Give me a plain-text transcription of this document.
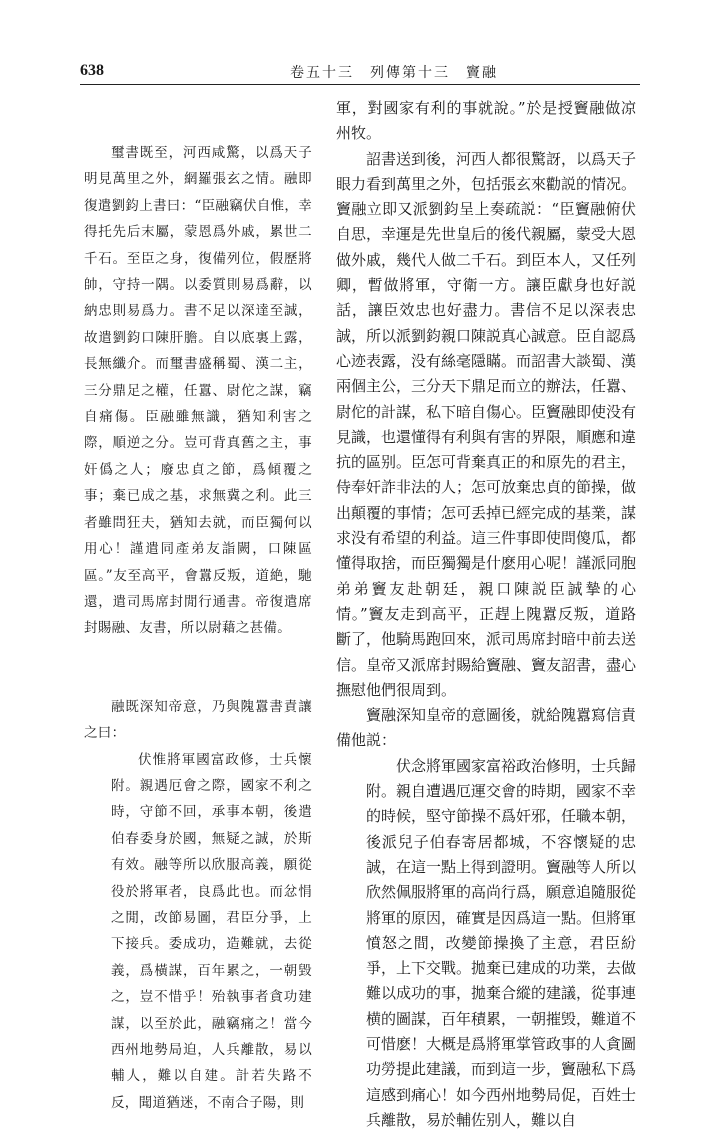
638	卷五十三　列傳第十三　竇融

璽書既至，河西咸驚，以爲天子明見萬里之外，網羅張玄之情。融即復遣劉鈞上書曰：“臣融竊伏自惟，幸得托先后末屬，蒙恩爲外戚，累世二千石。至臣之身，復備列位，假歷將帥，守持一隅。以委質則易爲辭，以納忠則易爲力。書不足以深達至誠，故遣劉鈞口陳肝膽。自以底裏上露，長無纖介。而璽書盛稱蜀、漢二主，三分鼎足之權，任囂、尉佗之謀，竊自痛傷。臣融雖無識，猶知利害之際，順逆之分。豈可背真舊之主，事奸僞之人；廢忠貞之節，爲傾覆之事；棄已成之基，求無冀之利。此三者雖問狂夫，猶知去就，而臣獨何以用心！謹遣同產弟友詣闕，口陳區區。”友至高平，會囂反叛，道絶，馳還，遣司馬席封閒行通書。帝復遣席封賜融、友書，所以尉藉之甚備。

融既深知帝意，乃與隗囂書責讓之曰：

伏惟將軍國富政修，士兵懷附。親遇厄會之際，國家不利之時，守節不回，承事本朝，後遣伯春委身於國，無疑之誠，於斯有效。融等所以欣服高義，願從役於將軍者，良爲此也。而忿悁之閒，改節易圖，君臣分爭，上下接兵。委成功，造難就，去從義，爲橫謀，百年累之，一朝毀之，豈不惜乎！殆執事者貪功建謀，以至於此，融竊痛之！當今西州地勢局迫，人兵離散，易以輔人，難以自建。計若失路不反，聞道猶迷，不南合子陽，則

軍，對國家有利的事就說。”於是授竇融做凉州牧。

詔書送到後，河西人都很驚訝，以爲天子眼力看到萬里之外，包括張玄來勸説的情况。竇融立即又派劉鈞呈上奏疏説：“臣竇融俯伏自思，幸運是先世皇后的後代親屬，蒙受大恩做外戚，幾代人做二千石。到臣本人，又任列卿，暫做將軍，守衛一方。讓臣獻身也好説話，讓臣效忠也好盡力。書信不足以深表忠誠，所以派劉鈞親口陳説真心誠意。臣自認爲心迹表露，没有絲毫隱瞞。而詔書大談蜀、漢兩個主公，三分天下鼎足而立的辦法，任囂、尉佗的計謀，私下暗自傷心。臣竇融即使没有見識，也還懂得有利與有害的界限，順應和違抗的區别。臣怎可背棄真正的和原先的君主，侍奉奸詐非法的人；怎可放棄忠貞的節操，做出顛覆的事情；怎可丢掉已經完成的基業，謀求没有希望的利益。這三件事即使問傻瓜，都懂得取捨，而臣獨獨是什麽用心呢！謹派同胞弟弟竇友赴朝廷，親口陳説臣誠摯的心情。”竇友走到高平，正趕上隗囂反叛，道路斷了，他騎馬跑回來，派司馬席封暗中前去送信。皇帝又派席封賜給竇融、竇友詔書，盡心撫慰他們很周到。

竇融深知皇帝的意圖後，就給隗囂寫信責備他説：

伏念將軍國家富裕政治修明，士兵歸附。親自遭遇厄運交會的時期，國家不幸的時候，堅守節操不爲奸邪，任職本朝，後派兒子伯春寄居都城，不容懷疑的忠誠，在這一點上得到證明。竇融等人所以欣然佩服將軍的高尚行爲，願意追隨服從將軍的原因，確實是因爲這一點。但將軍憤怒之間，改變節操換了主意，君臣紛爭，上下交戰。拋棄已建成的功業，去做難以成功的事，拋棄合縱的建議，從事連横的圖謀，百年積累，一朝摧毁，難道不可惜麽！大概是爲將軍掌管政事的人貪圖功勞提此建議，而到這一步，竇融私下爲這感到痛心！如今西州地勢局促，百姓士兵離散，易於輔佐别人，難以自
